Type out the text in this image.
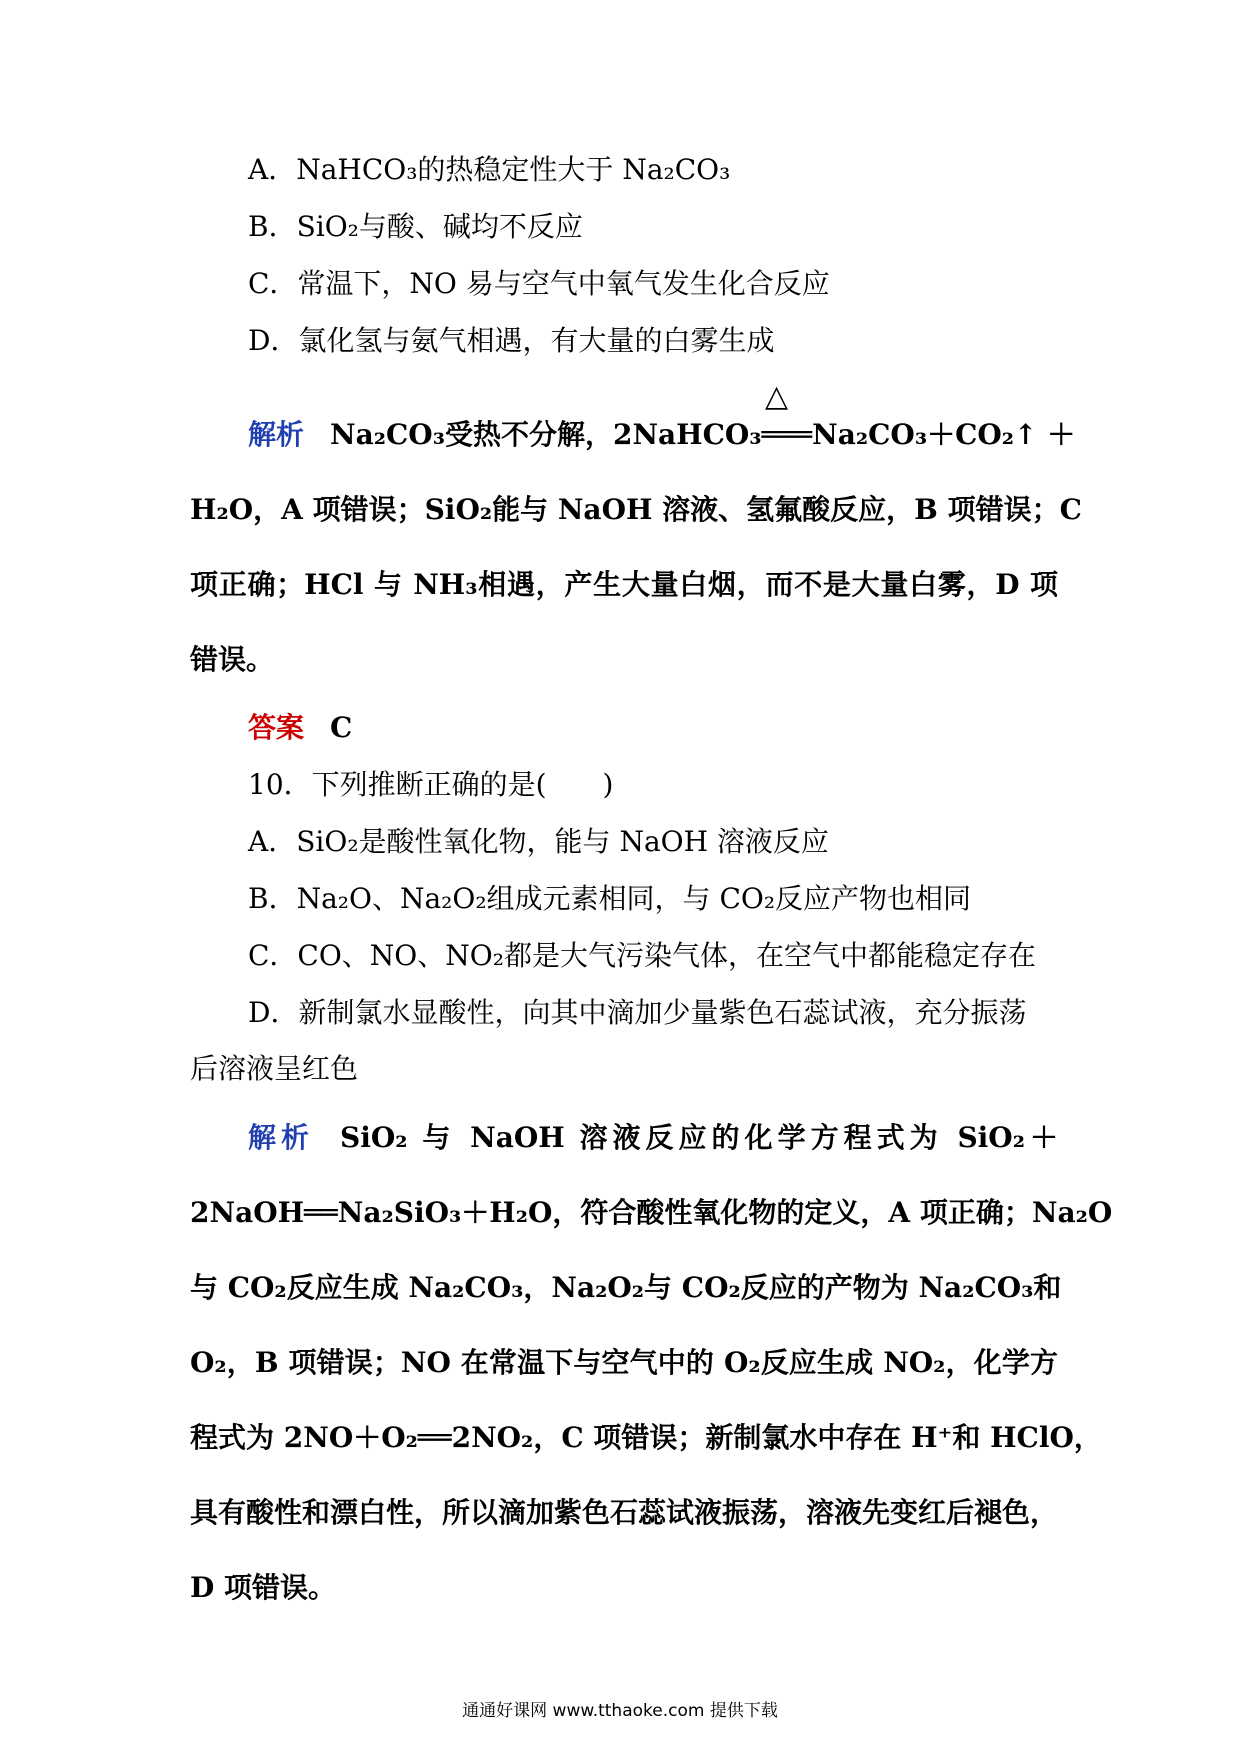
A．NaHCO₃的热稳定性大于 Na₂CO₃
B．SiO₂与酸、碱均不反应
C．常温下，NO 易与空气中氧气发生化合反应
D．氯化氢与氨气相遇，有大量的白雾生成
△
解析 Na₂CO₃受热不分解，2NaHCO₃═══Na₂CO₃＋CO₂↑ ＋
H₂O，A 项错误；SiO₂能与 NaOH 溶液、氢氟酸反应，B 项错误；C
项正确；HCl 与 NH₃相遇，产生大量白烟，而不是大量白雾，D 项
错误。
答案 C
10．下列推断正确的是(　　)
A．SiO₂是酸性氧化物，能与 NaOH 溶液反应
B．Na₂O、Na₂O₂组成元素相同，与 CO₂反应产物也相同
C．CO、NO、NO₂都是大气污染气体，在空气中都能稳定存在
D．新制氯水显酸性，向其中滴加少量紫色石蕊试液，充分振荡
后溶液呈红色
解析 SiO₂ 与 NaOH 溶液反应的化学方程式为 SiO₂＋
2NaOH══Na₂SiO₃＋H₂O，符合酸性氧化物的定义，A 项正确；Na₂O
与 CO₂反应生成 Na₂CO₃，Na₂O₂与 CO₂反应的产物为 Na₂CO₃和
O₂，B 项错误；NO 在常温下与空气中的 O₂反应生成 NO₂，化学方
程式为 2NO＋O₂══2NO₂，C 项错误；新制氯水中存在 H⁺和 HClO，
具有酸性和漂白性，所以滴加紫色石蕊试液振荡，溶液先变红后褪色，
D 项错误。
通通好课网 www.tthaoke.com 提供下载
